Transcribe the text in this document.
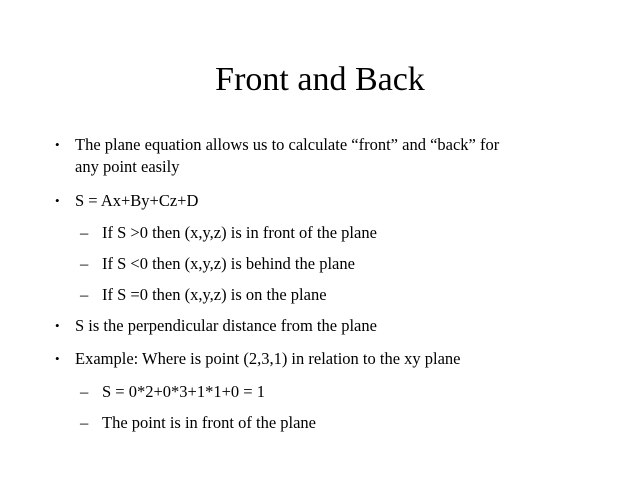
Front and Back
• The plane equation allows us to calculate “front” and “back” for
any point easily
• S = Ax+By+Cz+D
– If S >0 then (x,y,z) is in front of the plane
– If S <0 then (x,y,z) is behind the plane
– If S =0 then (x,y,z) is on the plane
• S is the perpendicular distance from the plane
• Example: Where is point (2,3,1) in relation to the xy plane
– S = 0*2+0*3+1*1+0 = 1
– The point is in front of the plane
